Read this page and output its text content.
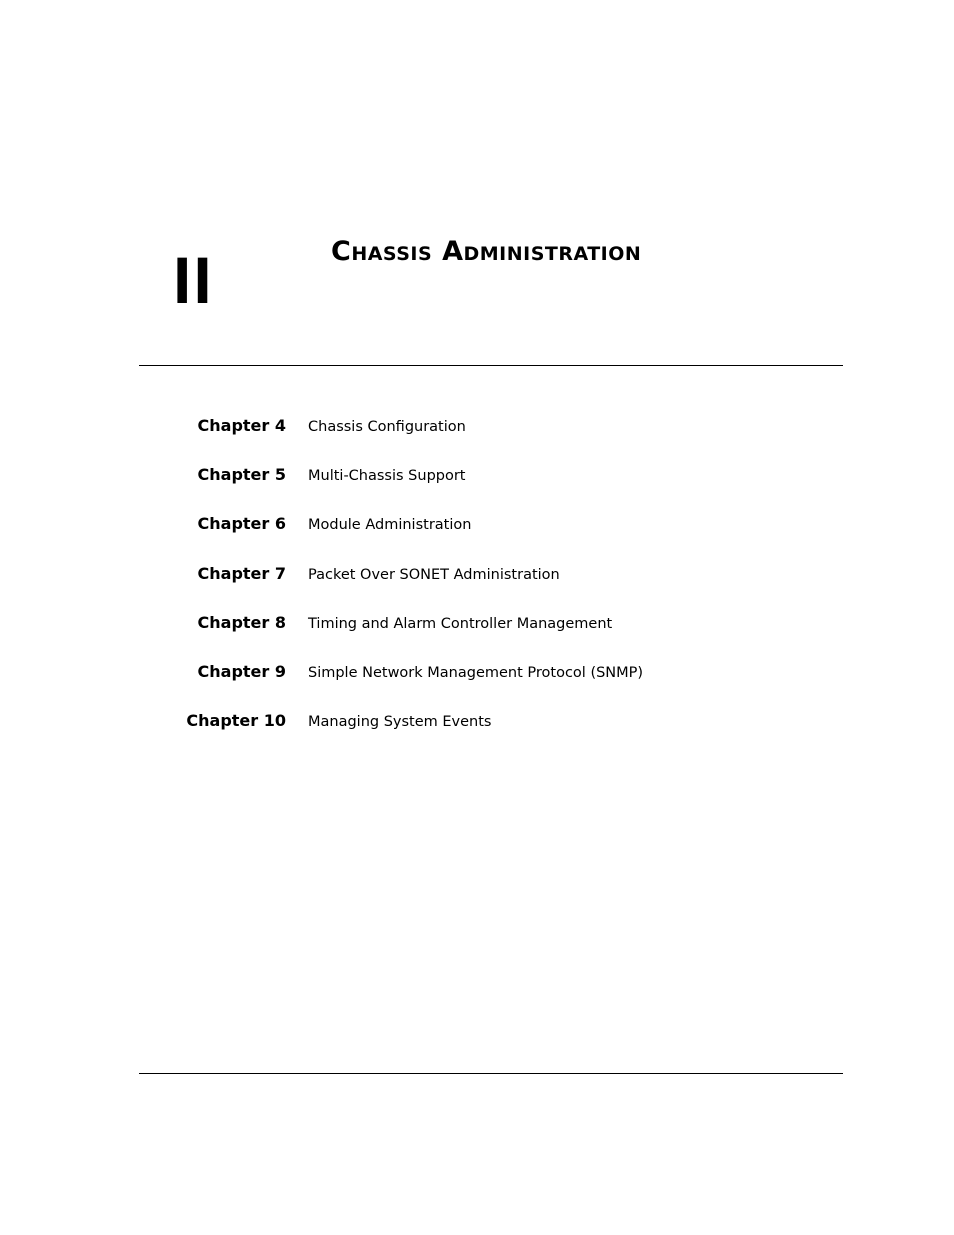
II	Chassis Administration
Chapter 4 Chassis Configuration
Chapter 5 Multi-Chassis Support
Chapter 6 Module Administration
Chapter 7 Packet Over SONET Administration
Chapter 8 Timing and Alarm Controller Management
Chapter 9 Simple Network Management Protocol (SNMP)
Chapter 10 Managing System Events
